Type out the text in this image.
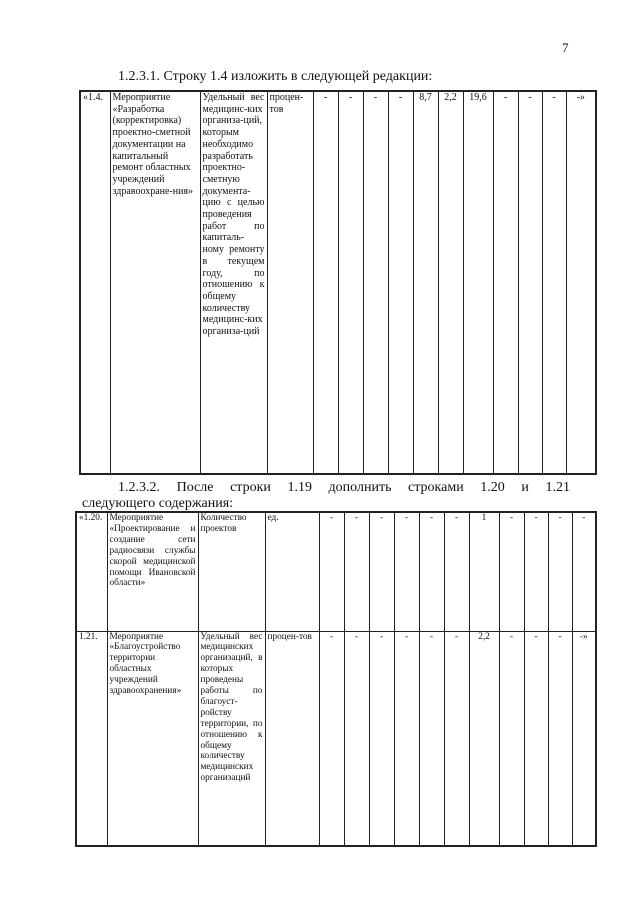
7
1.2.3.1. Строку 1.4 изложить в следующей редакции:
«1.4.	Мероприятие «Разработка (корректировка) проектно-сметной документации на капитальный ремонт областных учреждений здравоохране-ния»	Удельный вес медицинс-ких организа-ций, которым необходимо разработать проектно-сметную документа-цию с целью проведения работ по капиталь-ному ремонту в текущем году, по отношению к общему количеству медицинс-ких организа-ций	процен-тов	-	-	-	-	8,7	2,2	19,6	-	-	-	-»
1.2.3.2. После строки 1.19 дополнить строками 1.20 и 1.21
следующего содержания:
«1.20.	Мероприятие «Проектирование и создание сети радиосвязи службы скорой медицинской помощи Ивановской области»	Количество проектов	ед.	-	-	-	-	-	-	1	-	-	-	-
1.21.	Мероприятие «Благоустройство территории областных учреждений здравоохранения»	Удельный вес медицинских организаций, в которых проведены работы по благоуст-ройству территории, по отношению к общему количеству медицинских организаций	процен-тов	-	-	-	-	-	-	2,2	-	-	-	-»
